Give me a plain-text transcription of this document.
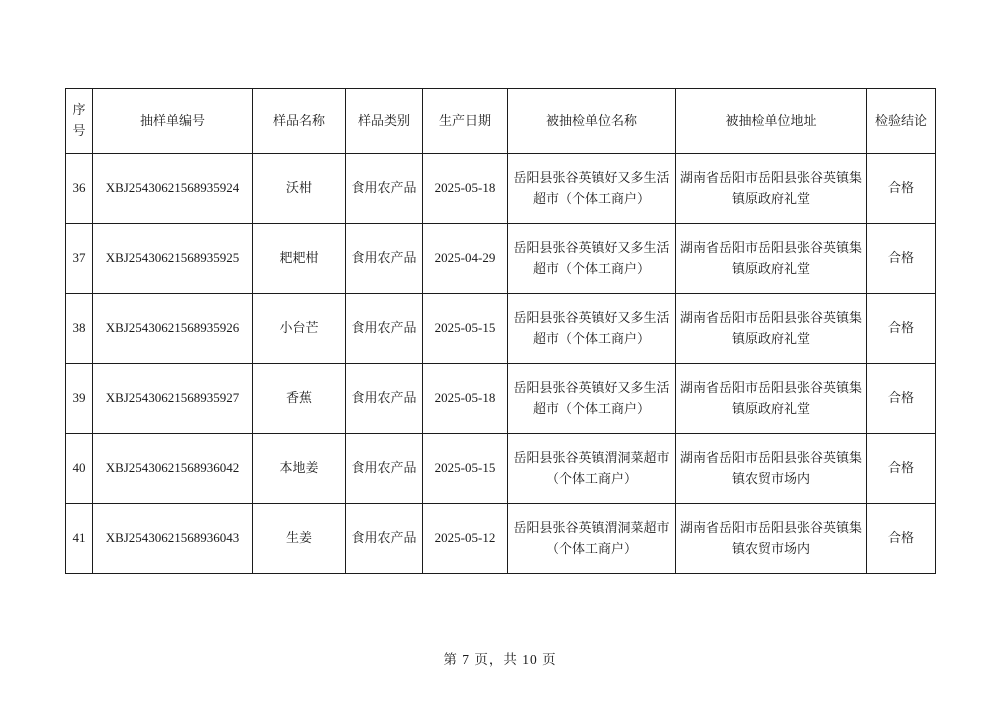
序号	抽样单编号	样品名称	样品类别	生产日期	被抽检单位名称	被抽检单位地址	检验结论
36	XBJ25430621568935924	沃柑	食用农产品	2025-05-18	岳阳县张谷英镇好又多生活超市（个体工商户）	湖南省岳阳市岳阳县张谷英镇集镇原政府礼堂	合格
37	XBJ25430621568935925	耙耙柑	食用农产品	2025-04-29	岳阳县张谷英镇好又多生活超市（个体工商户）	湖南省岳阳市岳阳县张谷英镇集镇原政府礼堂	合格
38	XBJ25430621568935926	小台芒	食用农产品	2025-05-15	岳阳县张谷英镇好又多生活超市（个体工商户）	湖南省岳阳市岳阳县张谷英镇集镇原政府礼堂	合格
39	XBJ25430621568935927	香蕉	食用农产品	2025-05-18	岳阳县张谷英镇好又多生活超市（个体工商户）	湖南省岳阳市岳阳县张谷英镇集镇原政府礼堂	合格
40	XBJ25430621568936042	本地姜	食用农产品	2025-05-15	岳阳县张谷英镇渭洞菜超市（个体工商户）	湖南省岳阳市岳阳县张谷英镇集镇农贸市场内	合格
41	XBJ25430621568936043	生姜	食用农产品	2025-05-12	岳阳县张谷英镇渭洞菜超市（个体工商户）	湖南省岳阳市岳阳县张谷英镇集镇农贸市场内	合格
第 7 页，共 10 页
